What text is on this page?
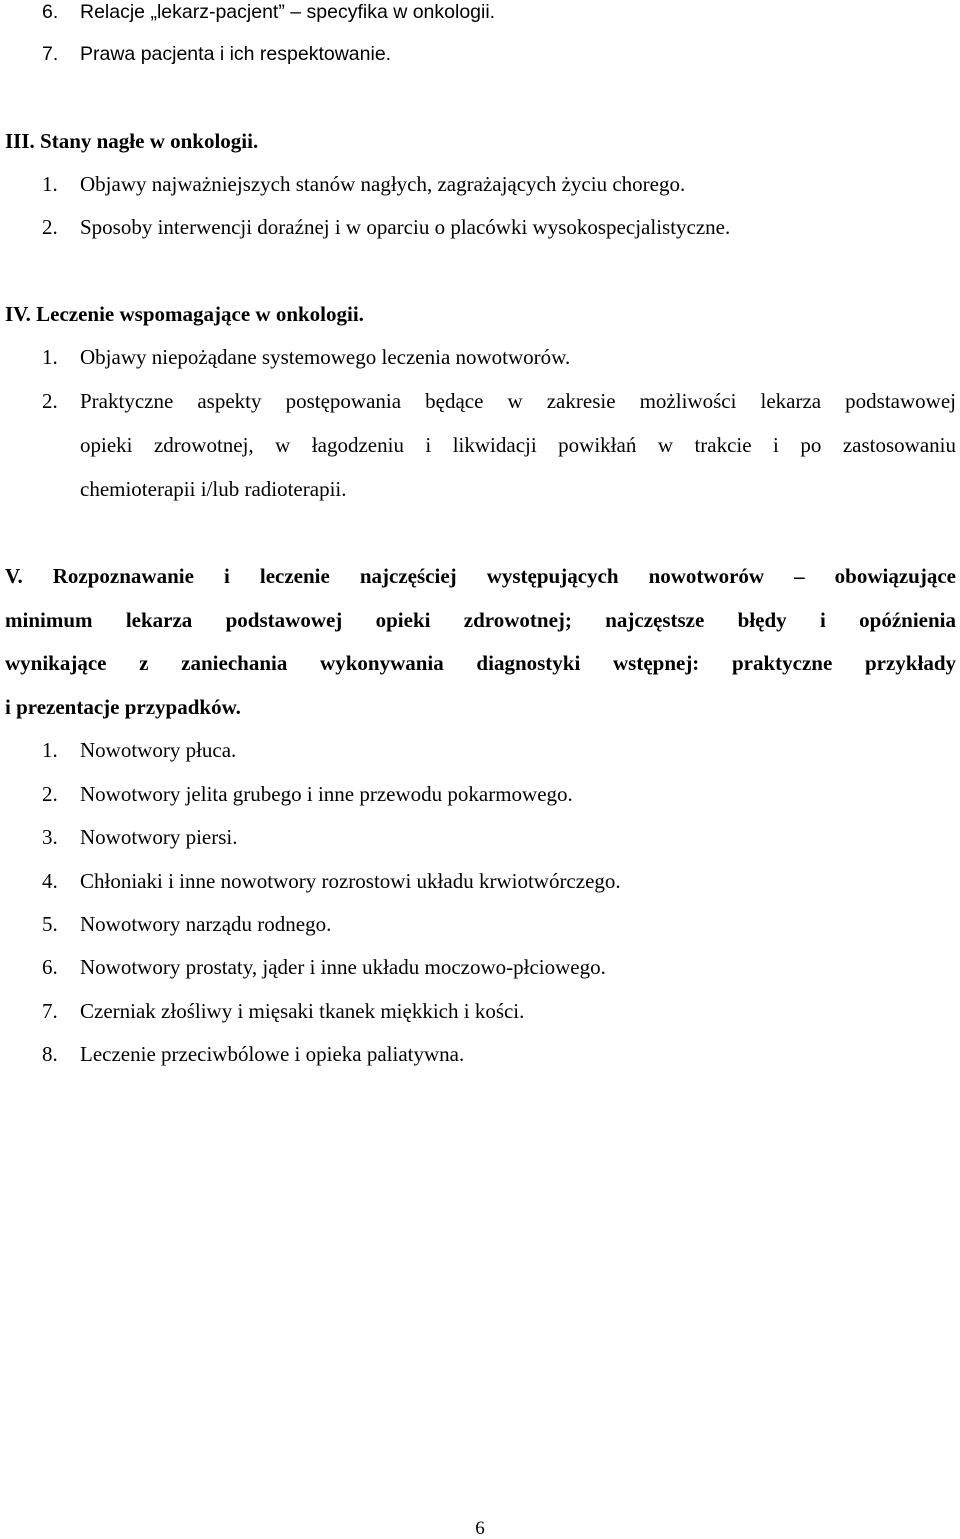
6. Relacje „lekarz-pacjent” – specyfika w onkologii.
7. Prawa pacjenta i ich respektowanie.
III. Stany nagłe w onkologii.
1. Objawy najważniejszych stanów nagłych, zagrażających życiu chorego.
2. Sposoby interwencji doraźnej i w oparciu o placówki wysokospecjalistyczne.
IV. Leczenie wspomagające w onkologii.
1. Objawy niepożądane systemowego leczenia nowotworów.
2. Praktyczne aspekty postępowania będące w zakresie możliwości lekarza podstawowej
opieki zdrowotnej, w łagodzeniu i likwidacji powikłań w trakcie i po zastosowaniu
chemioterapii i/lub radioterapii.
V. Rozpoznawanie i leczenie najczęściej występujących nowotworów – obowiązujące
minimum lekarza podstawowej opieki zdrowotnej; najczęstsze błędy i opóźnienia
wynikające z zaniechania wykonywania diagnostyki wstępnej: praktyczne przykłady
i prezentacje przypadków.
1. Nowotwory płuca.
2. Nowotwory jelita grubego i inne przewodu pokarmowego.
3. Nowotwory piersi.
4. Chłoniaki i inne nowotwory rozrostowi układu krwiotwórczego.
5. Nowotwory narządu rodnego.
6. Nowotwory prostaty, jąder i inne układu moczowo-płciowego.
7. Czerniak złośliwy i mięsaki tkanek miękkich i kości.
8. Leczenie przeciwbólowe i opieka paliatywna.
6
